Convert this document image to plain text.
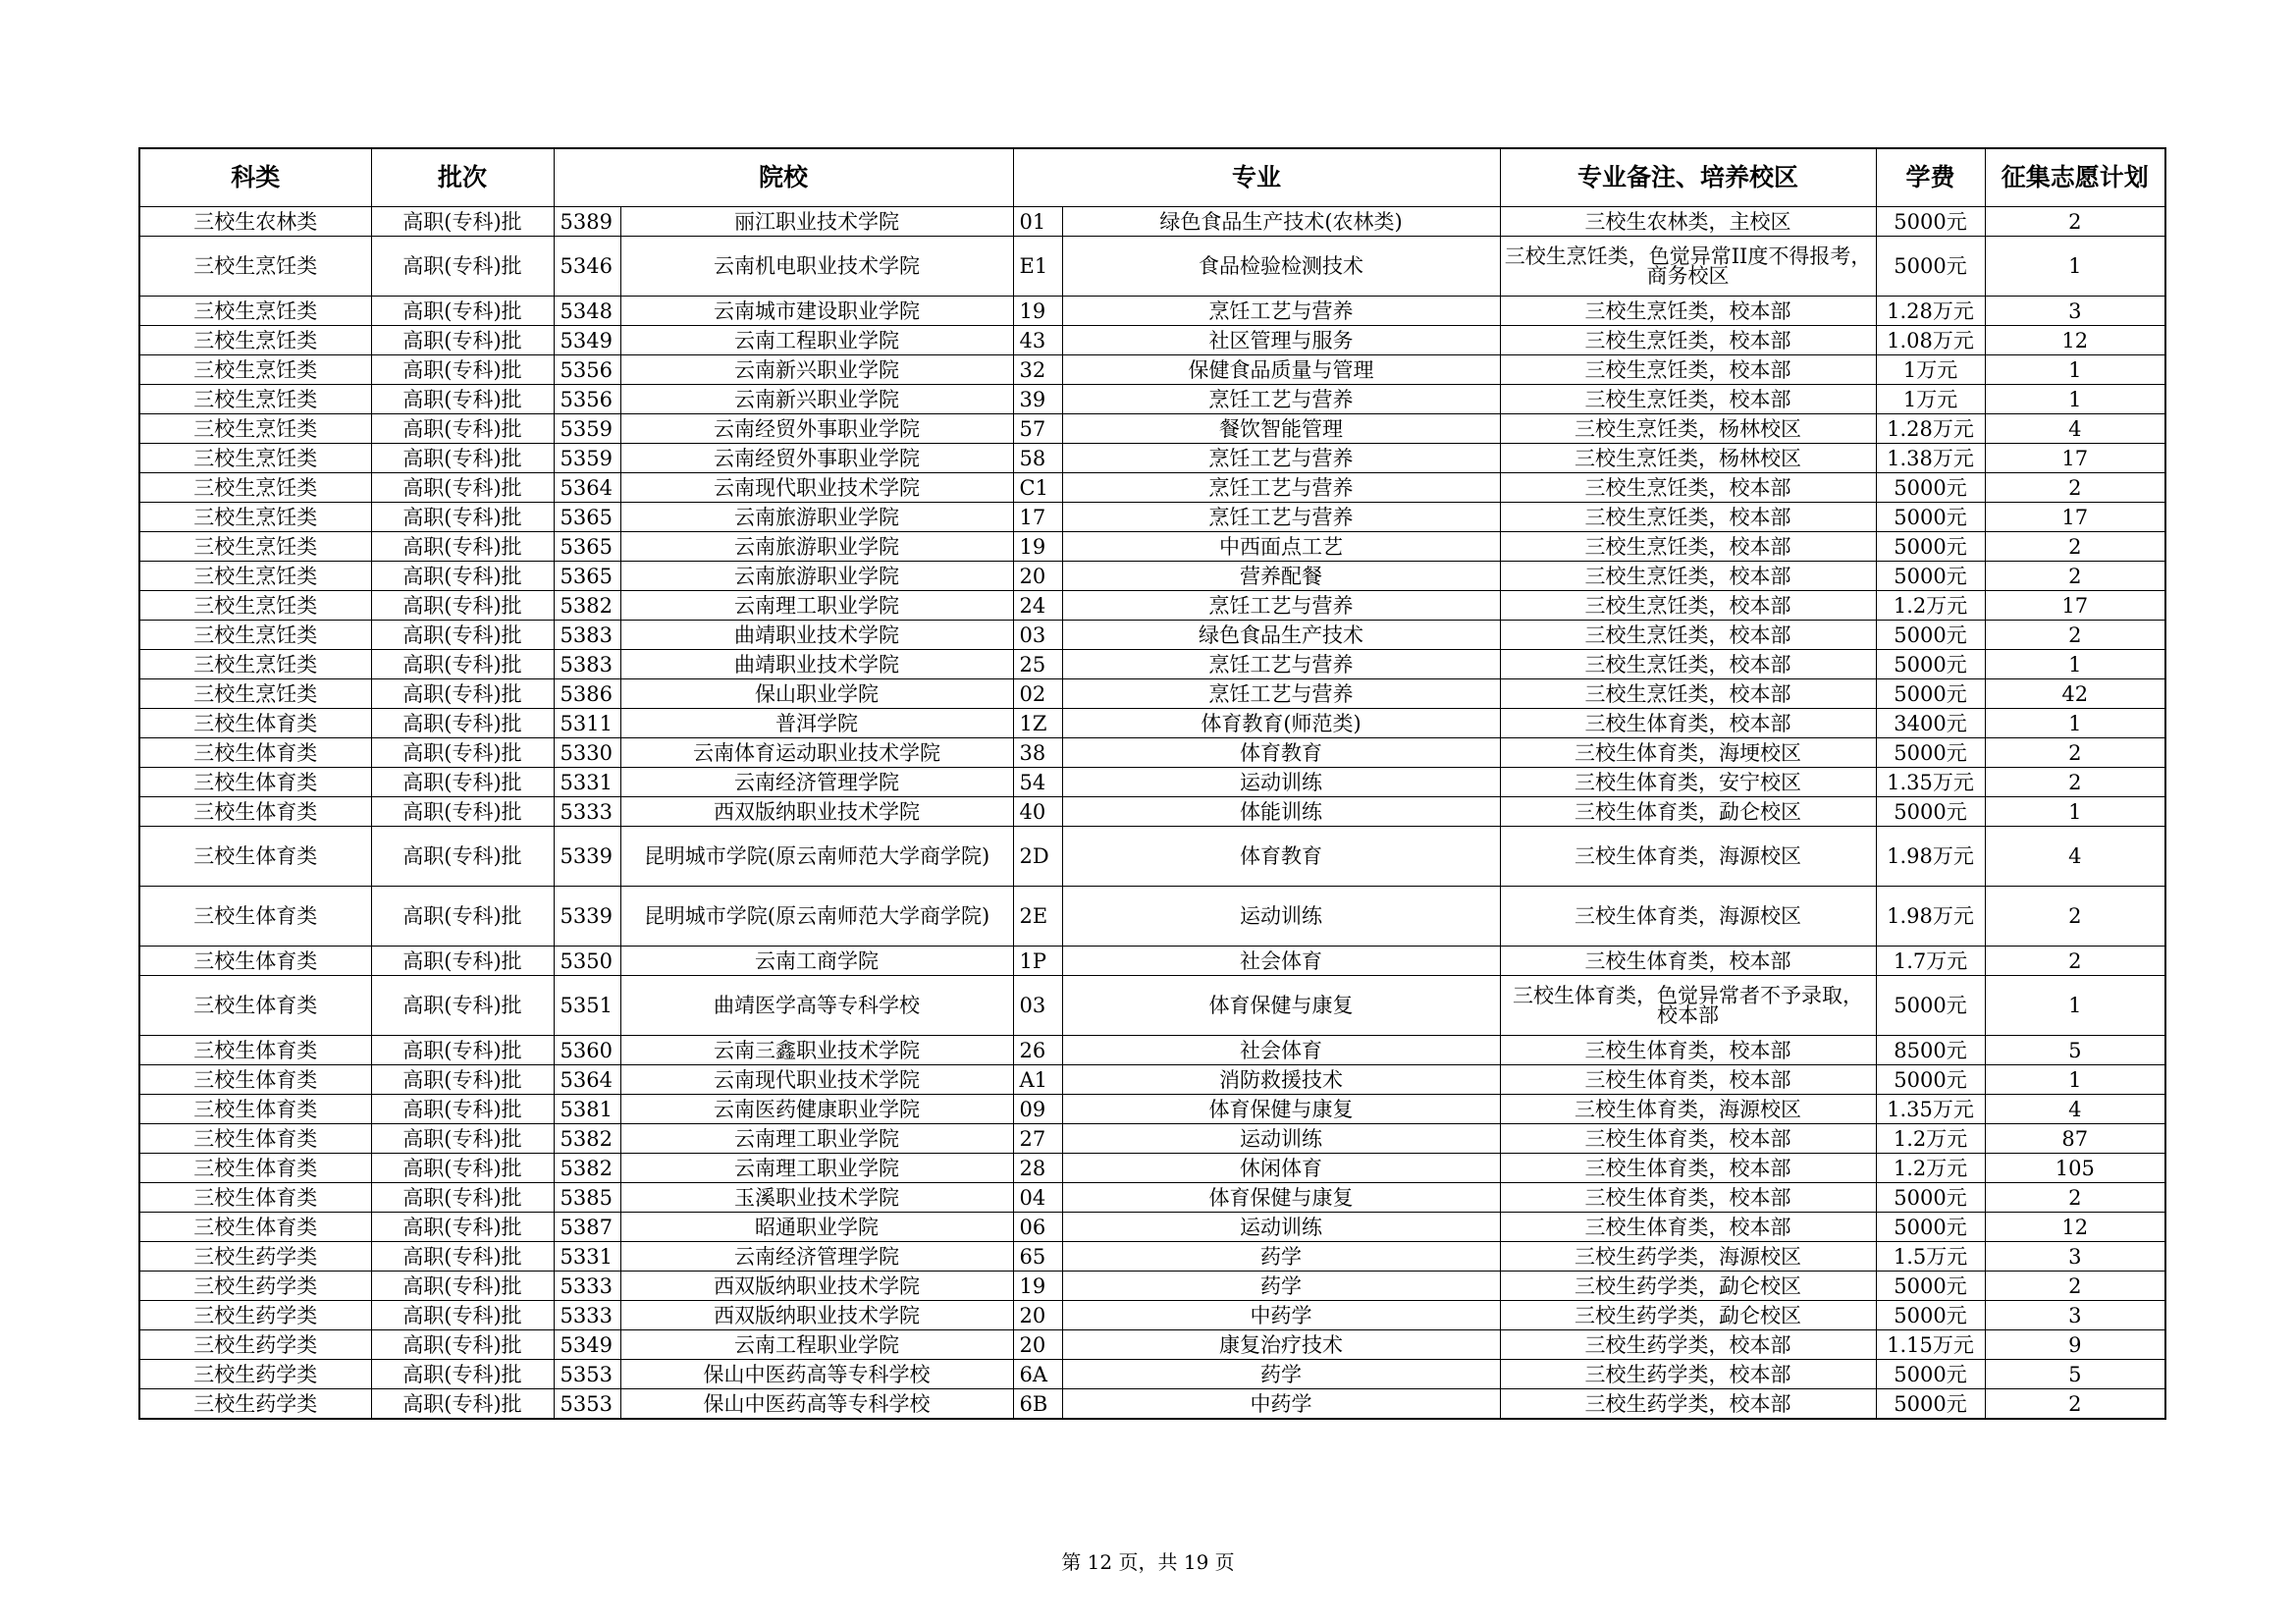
科类	批次	院校		专业		专业备注、培养校区	学费	征集志愿计划
三校生农林类	高职(专科)批	5389	丽江职业技术学院	01	绿色食品生产技术(农林类)	三校生农林类，主校区	5000元	2
三校生烹饪类	高职(专科)批	5346	云南机电职业技术学院	E1	食品检验检测技术	三校生烹饪类，色觉异常II度不得报考，商务校区	5000元	1
三校生烹饪类	高职(专科)批	5348	云南城市建设职业学院	19	烹饪工艺与营养	三校生烹饪类，校本部	1.28万元	3
三校生烹饪类	高职(专科)批	5349	云南工程职业学院	43	社区管理与服务	三校生烹饪类，校本部	1.08万元	12
三校生烹饪类	高职(专科)批	5356	云南新兴职业学院	32	保健食品质量与管理	三校生烹饪类，校本部	1万元	1
三校生烹饪类	高职(专科)批	5356	云南新兴职业学院	39	烹饪工艺与营养	三校生烹饪类，校本部	1万元	1
三校生烹饪类	高职(专科)批	5359	云南经贸外事职业学院	57	餐饮智能管理	三校生烹饪类，杨林校区	1.28万元	4
三校生烹饪类	高职(专科)批	5359	云南经贸外事职业学院	58	烹饪工艺与营养	三校生烹饪类，杨林校区	1.38万元	17
三校生烹饪类	高职(专科)批	5364	云南现代职业技术学院	C1	烹饪工艺与营养	三校生烹饪类，校本部	5000元	2
三校生烹饪类	高职(专科)批	5365	云南旅游职业学院	17	烹饪工艺与营养	三校生烹饪类，校本部	5000元	17
三校生烹饪类	高职(专科)批	5365	云南旅游职业学院	19	中西面点工艺	三校生烹饪类，校本部	5000元	2
三校生烹饪类	高职(专科)批	5365	云南旅游职业学院	20	营养配餐	三校生烹饪类，校本部	5000元	2
三校生烹饪类	高职(专科)批	5382	云南理工职业学院	24	烹饪工艺与营养	三校生烹饪类，校本部	1.2万元	17
三校生烹饪类	高职(专科)批	5383	曲靖职业技术学院	03	绿色食品生产技术	三校生烹饪类，校本部	5000元	2
三校生烹饪类	高职(专科)批	5383	曲靖职业技术学院	25	烹饪工艺与营养	三校生烹饪类，校本部	5000元	1
三校生烹饪类	高职(专科)批	5386	保山职业学院	02	烹饪工艺与营养	三校生烹饪类，校本部	5000元	42
三校生体育类	高职(专科)批	5311	普洱学院	1Z	体育教育(师范类)	三校生体育类，校本部	3400元	1
三校生体育类	高职(专科)批	5330	云南体育运动职业技术学院	38	体育教育	三校生体育类，海埂校区	5000元	2
三校生体育类	高职(专科)批	5331	云南经济管理学院	54	运动训练	三校生体育类，安宁校区	1.35万元	2
三校生体育类	高职(专科)批	5333	西双版纳职业技术学院	40	体能训练	三校生体育类，勐仑校区	5000元	1
三校生体育类	高职(专科)批	5339	昆明城市学院(原云南师范大学商学院)	2D	体育教育	三校生体育类，海源校区	1.98万元	4
三校生体育类	高职(专科)批	5339	昆明城市学院(原云南师范大学商学院)	2E	运动训练	三校生体育类，海源校区	1.98万元	2
三校生体育类	高职(专科)批	5350	云南工商学院	1P	社会体育	三校生体育类，校本部	1.7万元	2
三校生体育类	高职(专科)批	5351	曲靖医学高等专科学校	03	体育保健与康复	三校生体育类，色觉异常者不予录取，校本部	5000元	1
三校生体育类	高职(专科)批	5360	云南三鑫职业技术学院	26	社会体育	三校生体育类，校本部	8500元	5
三校生体育类	高职(专科)批	5364	云南现代职业技术学院	A1	消防救援技术	三校生体育类，校本部	5000元	1
三校生体育类	高职(专科)批	5381	云南医药健康职业学院	09	体育保健与康复	三校生体育类，海源校区	1.35万元	4
三校生体育类	高职(专科)批	5382	云南理工职业学院	27	运动训练	三校生体育类，校本部	1.2万元	87
三校生体育类	高职(专科)批	5382	云南理工职业学院	28	休闲体育	三校生体育类，校本部	1.2万元	105
三校生体育类	高职(专科)批	5385	玉溪职业技术学院	04	体育保健与康复	三校生体育类，校本部	5000元	2
三校生体育类	高职(专科)批	5387	昭通职业学院	06	运动训练	三校生体育类，校本部	5000元	12
三校生药学类	高职(专科)批	5331	云南经济管理学院	65	药学	三校生药学类，海源校区	1.5万元	3
三校生药学类	高职(专科)批	5333	西双版纳职业技术学院	19	药学	三校生药学类，勐仑校区	5000元	2
三校生药学类	高职(专科)批	5333	西双版纳职业技术学院	20	中药学	三校生药学类，勐仑校区	5000元	3
三校生药学类	高职(专科)批	5349	云南工程职业学院	20	康复治疗技术	三校生药学类，校本部	1.15万元	9
三校生药学类	高职(专科)批	5353	保山中医药高等专科学校	6A	药学	三校生药学类，校本部	5000元	5
三校生药学类	高职(专科)批	5353	保山中医药高等专科学校	6B	中药学	三校生药学类，校本部	5000元	2
第 12 页，共 19 页
